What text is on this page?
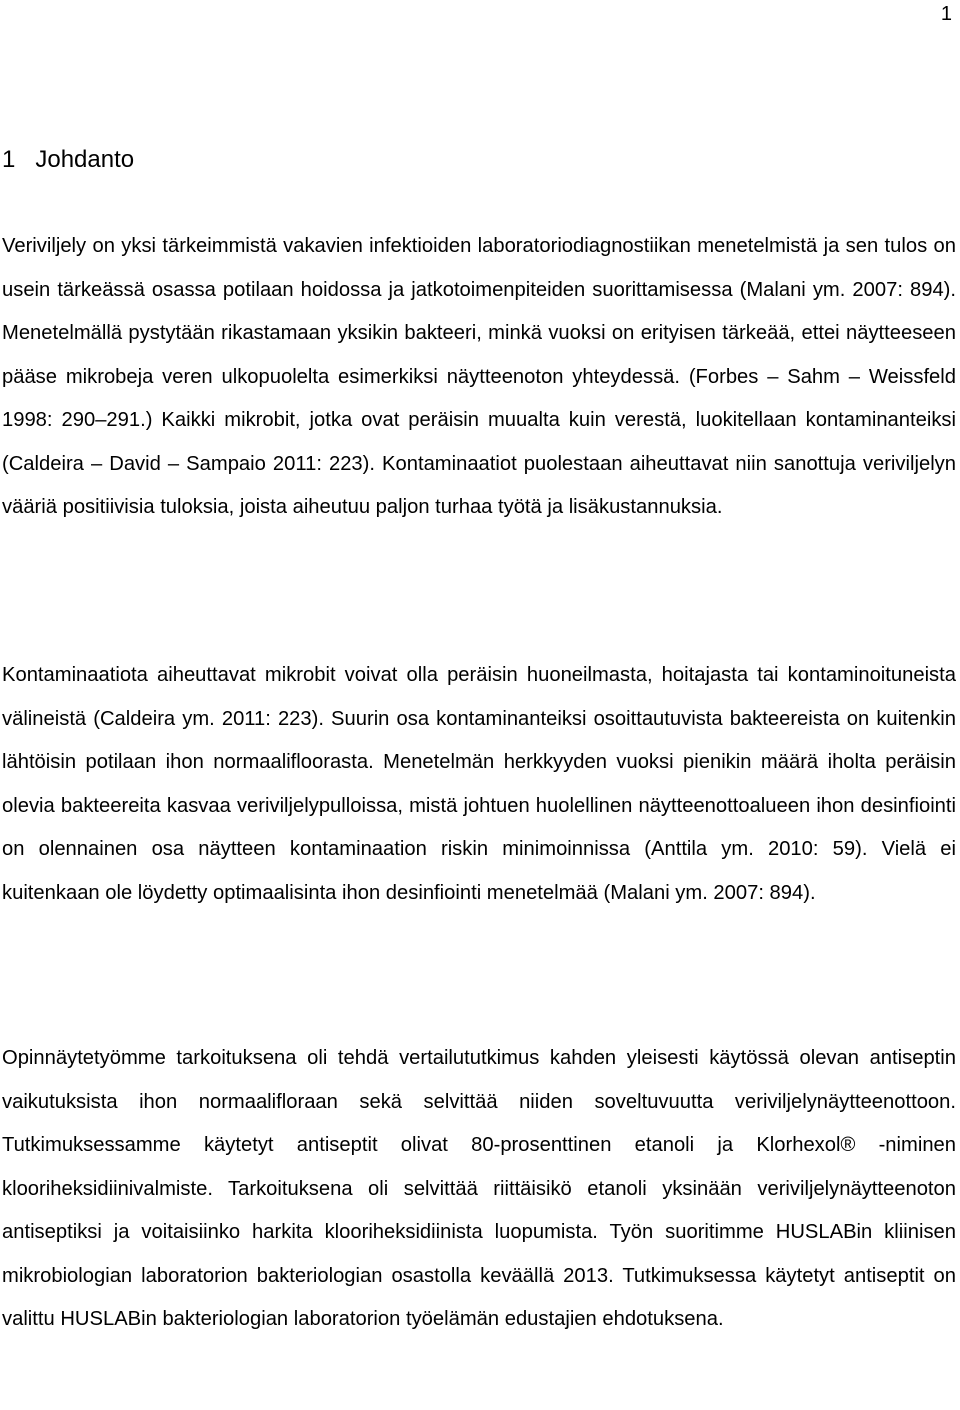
1
1 Johdanto

Veriviljely on yksi tärkeimmistä vakavien infektioiden laboratoriodiagnostiikan menetelmistä ja sen tulos on usein tärkeässä osassa potilaan hoidossa ja jatkotoimenpiteiden suorittamisessa (Malani ym. 2007: 894). Menetelmällä pystytään rikastamaan yksikin bakteeri, minkä vuoksi on erityisen tärkeää, ettei näytteeseen pääse mikrobeja veren ulkopuolelta esimerkiksi näytteenoton yhteydessä. (Forbes – Sahm – Weissfeld 1998: 290–291.) Kaikki mikrobit, jotka ovat peräisin muualta kuin verestä, luokitellaan kontaminanteiksi (Caldeira – David – Sampaio 2011: 223). Kontaminaatiot puolestaan aiheuttavat niin sanottuja veriviljelyn vääriä positiivisia tuloksia, joista aiheutuu paljon turhaa työtä ja lisäkustannuksia.

Kontaminaatiota aiheuttavat mikrobit voivat olla peräisin huoneilmasta, hoitajasta tai kontaminoituneista välineistä (Caldeira ym. 2011: 223). Suurin osa kontaminanteiksi osoittautuvista bakteereista on kuitenkin lähtöisin potilaan ihon normaalifloorasta. Menetelmän herkkyyden vuoksi pienikin määrä iholta peräisin olevia bakteereita kasvaa veriviljelypulloissa, mistä johtuen huolellinen näytteenottoalueen ihon desinfiointi on olennainen osa näytteen kontaminaation riskin minimoinnissa (Anttila ym. 2010: 59). Vielä ei kuitenkaan ole löydetty optimaalisinta ihon desinfiointi menetelmää (Malani ym. 2007: 894).

Opinnäytetyömme tarkoituksena oli tehdä vertailututkimus kahden yleisesti käytössä olevan antiseptin vaikutuksista ihon normaalifloraan sekä selvittää niiden soveltuvuutta veriviljelynäytteenottoon. Tutkimuksessamme käytetyt antiseptit olivat 80-prosenttinen etanoli ja Klorhexol® -niminen klooriheksidiinivalmiste. Tarkoituksena oli selvittää riittäisikö etanoli yksinään veriviljelynäytteenoton antiseptiksi ja voitaisiinko harkita klooriheksidiinista luopumista. Työn suoritimme HUSLABin kliinisen mikrobiologian laboratorion bakteriologian osastolla keväällä 2013. Tutkimuksessa käytetyt antiseptit on valittu HUSLABin bakteriologian laboratorion työelämän edustajien ehdotuksena.
